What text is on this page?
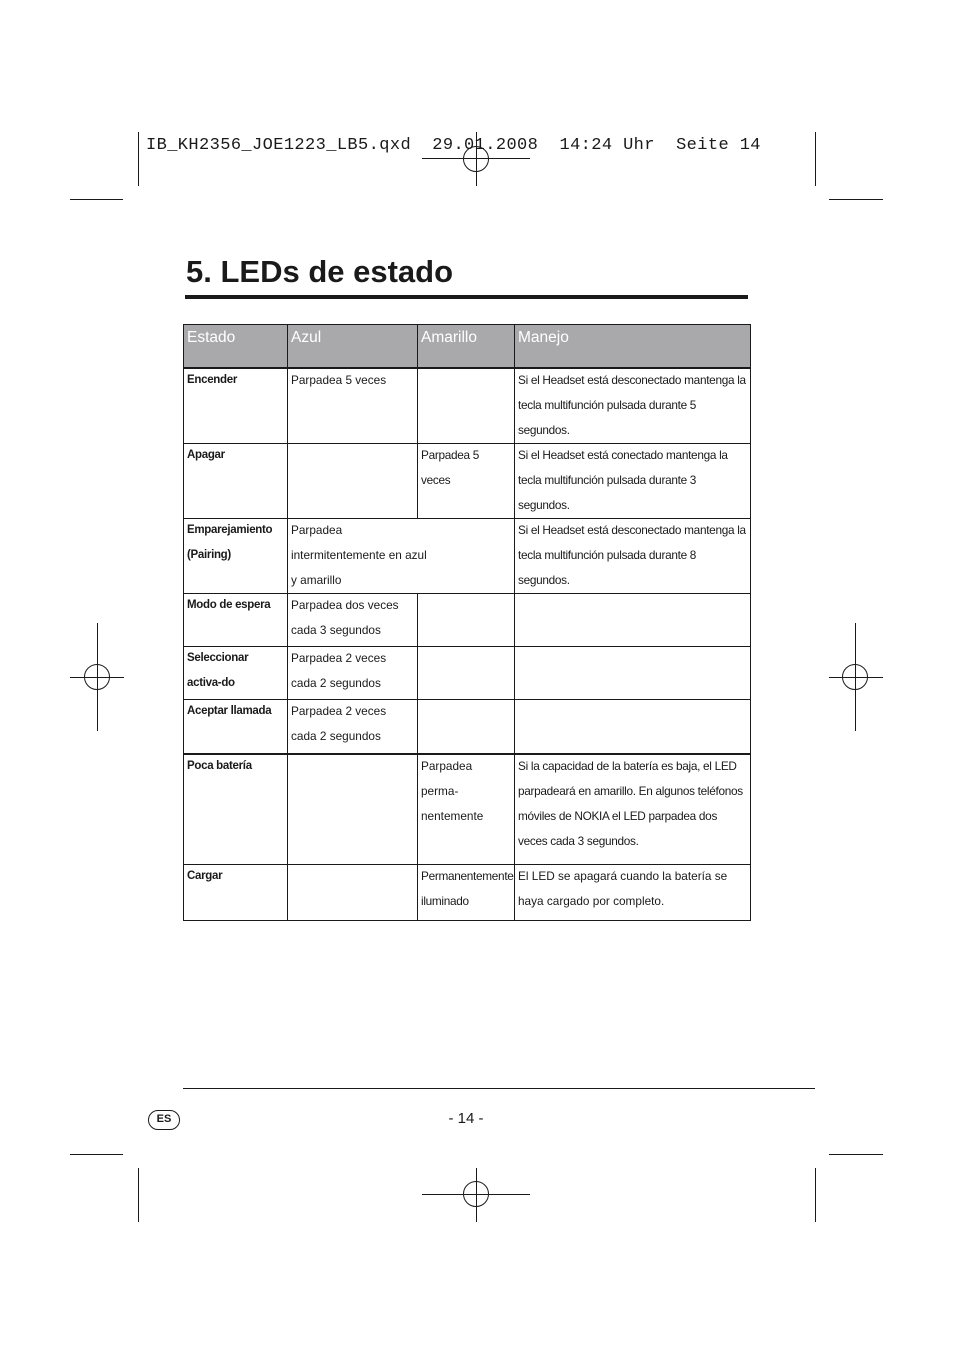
IB_KH2356_JOE1223_LB5.qxd  29.01.2008  14:24 Uhr  Seite 14
5. LEDs de estado
Estado	Azul	Amarillo	Manejo

Encender	Parpadea 5 veces		Si el Headset está desconectado mantenga la tecla multifunción pulsada durante 5 segundos.

Apagar		Parpadea 5 veces	Si el Headset está conectado mantenga la tecla multifunción pulsada durante 3 segundos.

Emparejamiento (Pairing)	Parpadea intermitentemente en azul y amarillo		Si el Headset está desconectado mantenga la tecla multifunción pulsada durante 8 segundos.

Modo de espera	Parpadea dos veces cada 3 segundos		

Seleccionar activa-do	Parpadea 2 veces cada 2 segundos		

Aceptar llamada	Parpadea 2 veces cada 2 segundos		

Poca batería		Parpadea perma-nentemente	Si la capacidad de la batería es baja, el LED parpadeará en amarillo. En algunos teléfonos móviles de NOKIA el LED parpadea dos veces cada 3 segundos.

Cargar		Permanentemente iluminado	El LED se apagará cuando la batería se haya cargado por completo.
ES	- 14 -
